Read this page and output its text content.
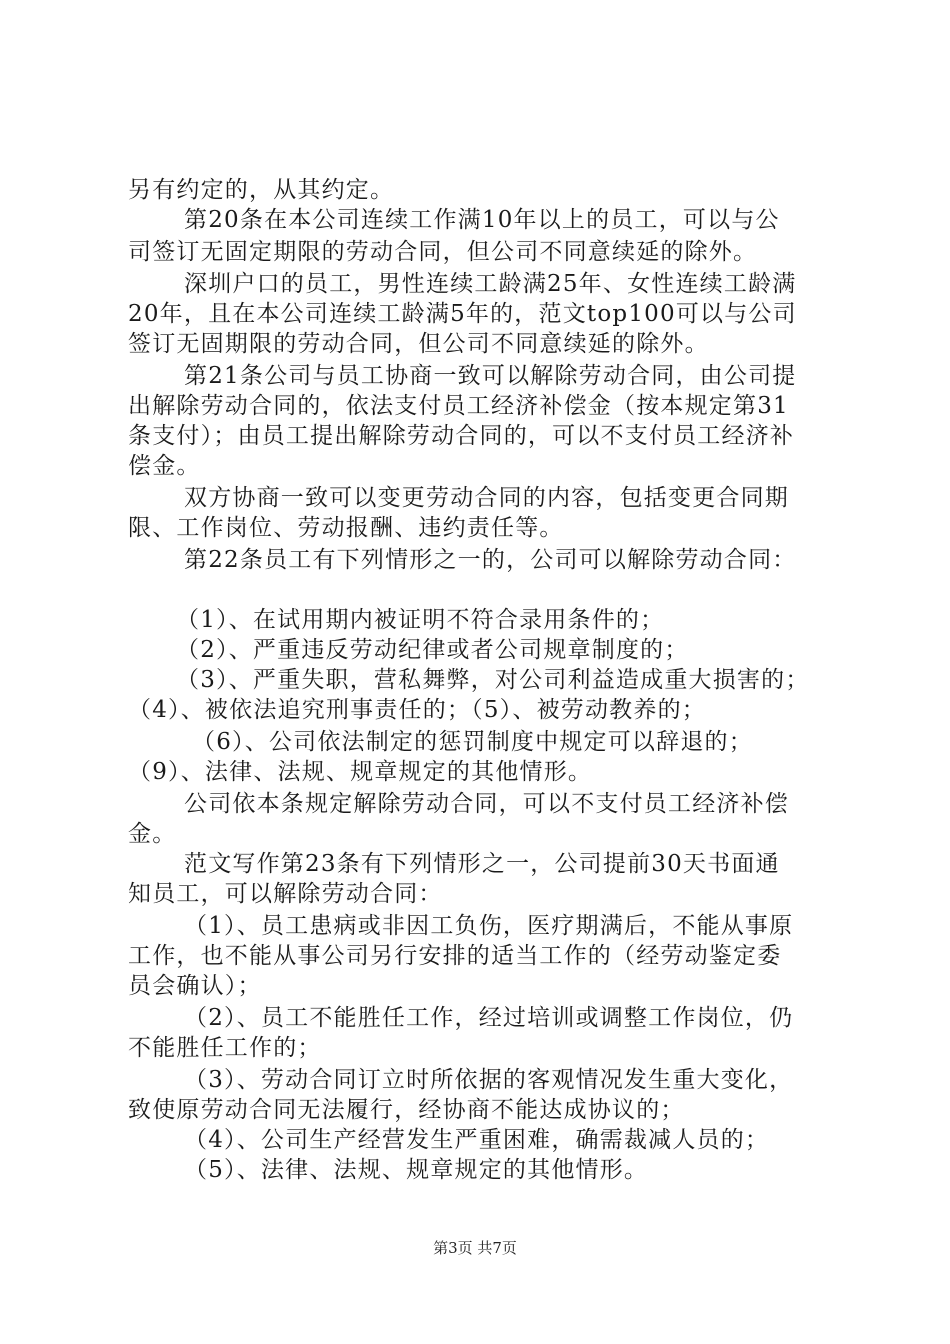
另有约定的，从其约定。
第20条在本公司连续工作满10年以上的员工，可以与公
司签订无固定期限的劳动合同，但公司不同意续延的除外。
深圳户口的员工，男性连续工龄满25年、女性连续工龄满
20年，且在本公司连续工龄满5年的，范文top100可以与公司
签订无固期限的劳动合同，但公司不同意续延的除外。
第21条公司与员工协商一致可以解除劳动合同，由公司提
出解除劳动合同的，依法支付员工经济补偿金（按本规定第31
条支付）；由员工提出解除劳动合同的，可以不支付员工经济补
偿金。
双方协商一致可以变更劳动合同的内容，包括变更合同期
限、工作岗位、劳动报酬、违约责任等。
第22条员工有下列情形之一的，公司可以解除劳动合同：
（1）、在试用期内被证明不符合录用条件的；
（2）、严重违反劳动纪律或者公司规章制度的；
（3）、严重失职，营私舞弊，对公司利益造成重大损害的；
（4）、被依法追究刑事责任的；（5）、被劳动教养的；
（6）、公司依法制定的惩罚制度中规定可以辞退的；
（9）、法律、法规、规章规定的其他情形。
公司依本条规定解除劳动合同，可以不支付员工经济补偿
金。
范文写作第23条有下列情形之一，公司提前30天书面通
知员工，可以解除劳动合同：
（1）、员工患病或非因工负伤，医疗期满后，不能从事原
工作，也不能从事公司另行安排的适当工作的（经劳动鉴定委
员会确认）；
（2）、员工不能胜任工作，经过培训或调整工作岗位，仍
不能胜任工作的；
（3）、劳动合同订立时所依据的客观情况发生重大变化，
致使原劳动合同无法履行，经协商不能达成协议的；
（4）、公司生产经营发生严重困难，确需裁减人员的；
（5）、法律、法规、规章规定的其他情形。
第3页 共7页
